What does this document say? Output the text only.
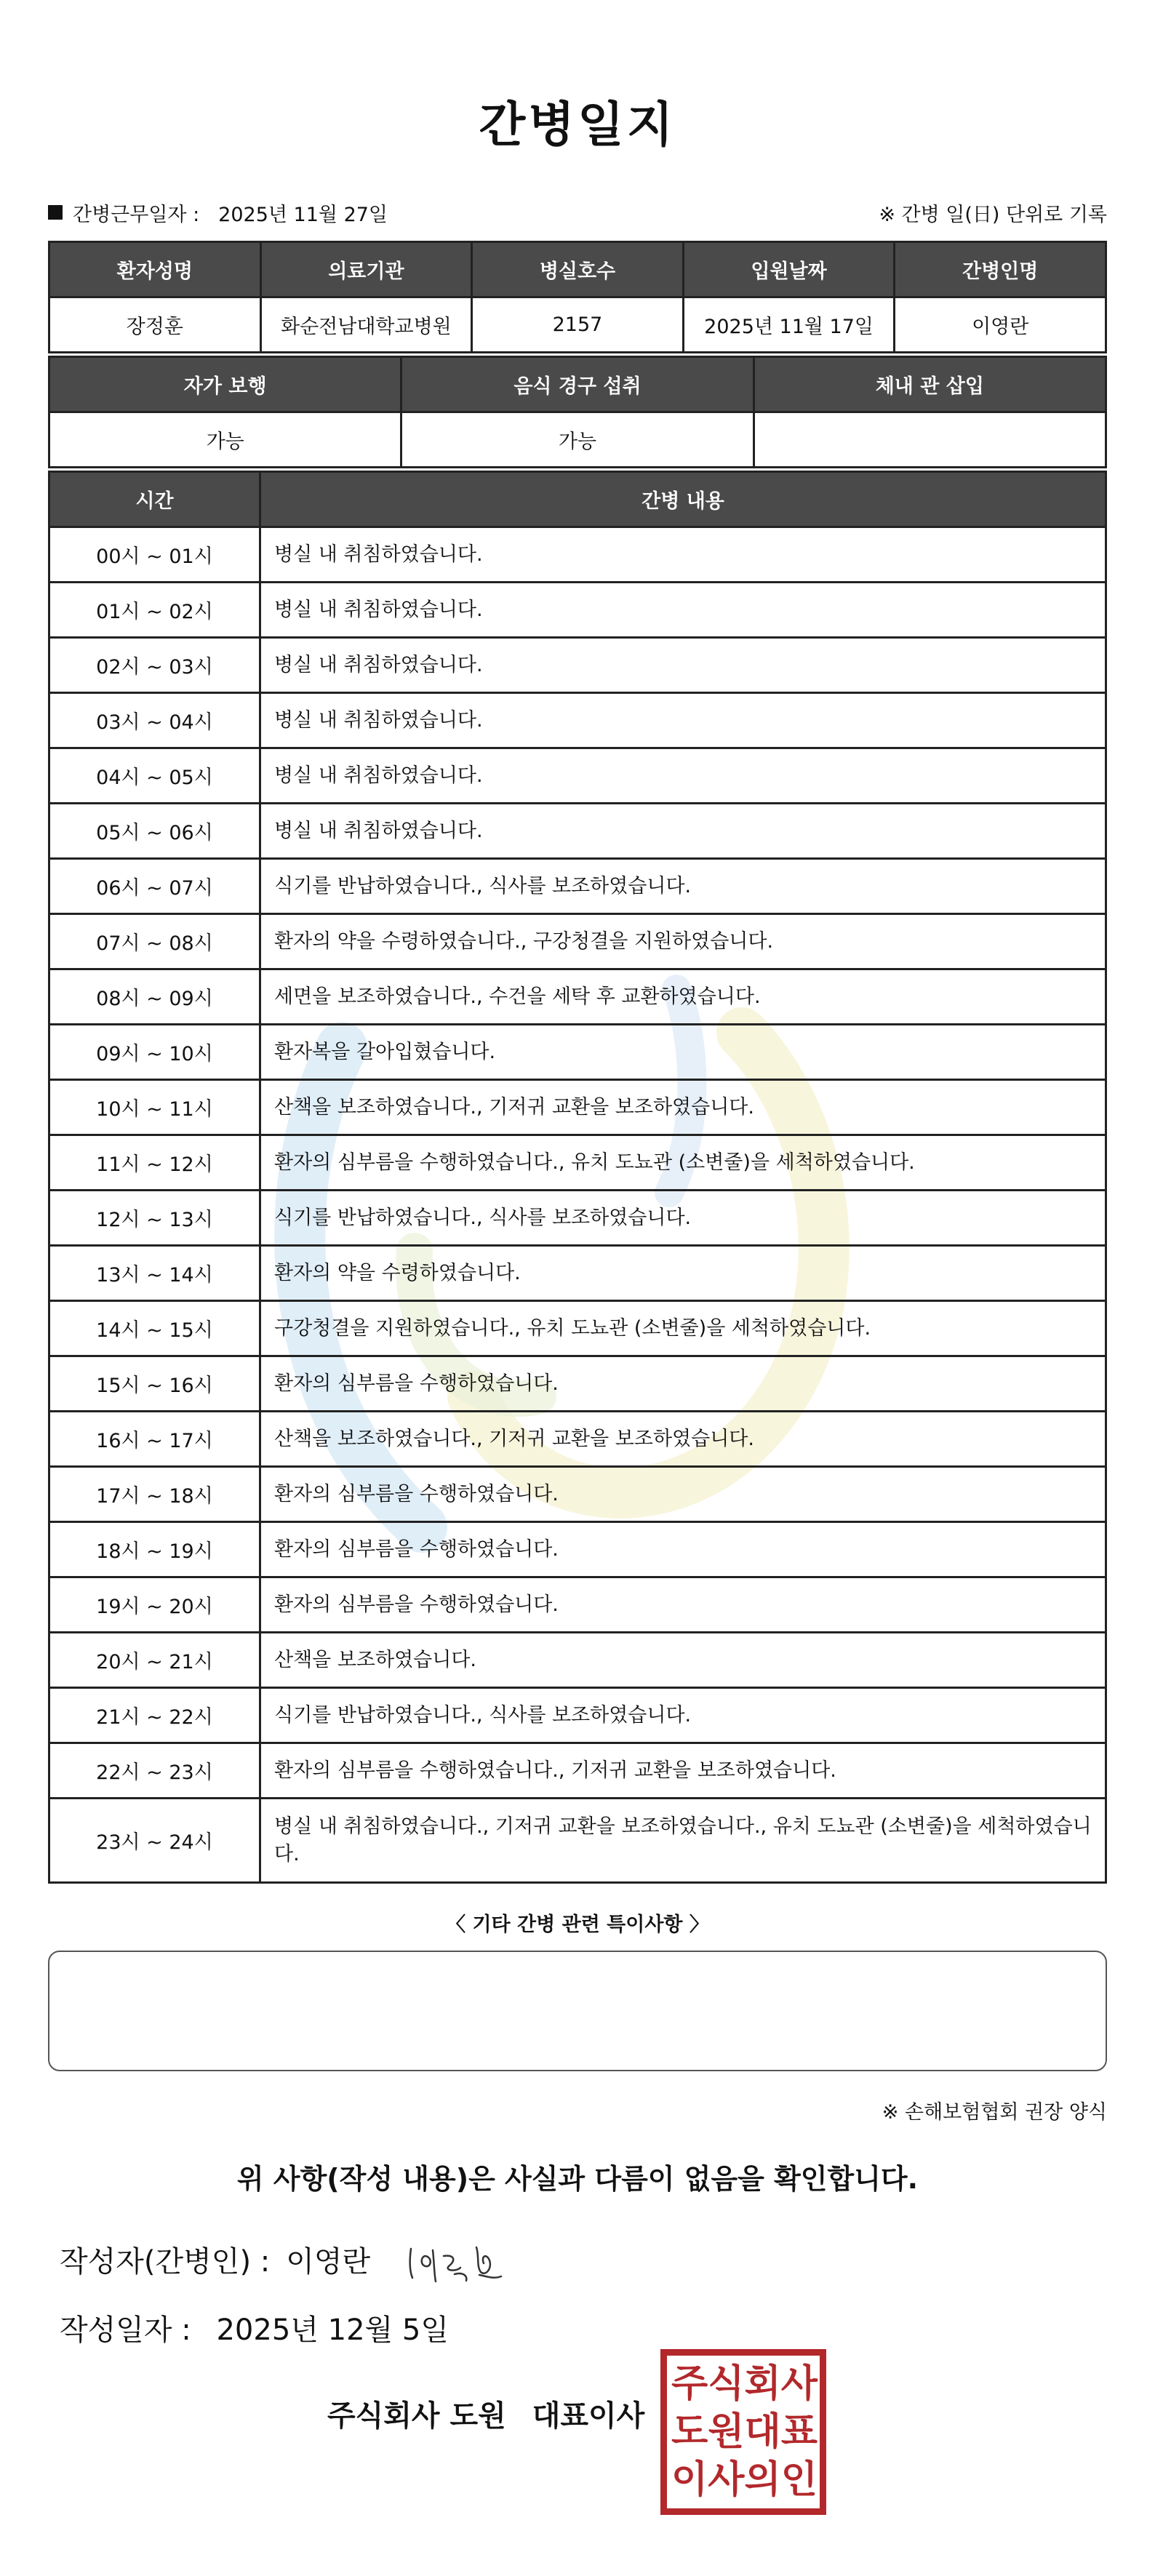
간병일지
간병근무일자 : 2025년 11월 27일	※ 간병 일(日) 단위로 기록
환자성명	의료기관	병실호수	입원날짜	간병인명
장정훈	화순전남대학교병원	2157	2025년 11월 17일	이영란
자가 보행	음식 경구 섭취	체내 관 삽입
가능	가능	
시간	간병 내용
00시 ~ 01시	병실 내 취침하였습니다.
01시 ~ 02시	병실 내 취침하였습니다.
02시 ~ 03시	병실 내 취침하였습니다.
03시 ~ 04시	병실 내 취침하였습니다.
04시 ~ 05시	병실 내 취침하였습니다.
05시 ~ 06시	병실 내 취침하였습니다.
06시 ~ 07시	식기를 반납하였습니다., 식사를 보조하였습니다.
07시 ~ 08시	환자의 약을 수령하였습니다., 구강청결을 지원하였습니다.
08시 ~ 09시	세면을 보조하였습니다., 수건을 세탁 후 교환하였습니다.
09시 ~ 10시	환자복을 갈아입혔습니다.
10시 ~ 11시	산책을 보조하였습니다., 기저귀 교환을 보조하였습니다.
11시 ~ 12시	환자의 심부름을 수행하였습니다., 유치 도뇨관 (소변줄)을 세척하였습니다.
12시 ~ 13시	식기를 반납하였습니다., 식사를 보조하였습니다.
13시 ~ 14시	환자의 약을 수령하였습니다.
14시 ~ 15시	구강청결을 지원하였습니다., 유치 도뇨관 (소변줄)을 세척하였습니다.
15시 ~ 16시	환자의 심부름을 수행하였습니다.
16시 ~ 17시	산책을 보조하였습니다., 기저귀 교환을 보조하였습니다.
17시 ~ 18시	환자의 심부름을 수행하였습니다.
18시 ~ 19시	환자의 심부름을 수행하였습니다.
19시 ~ 20시	환자의 심부름을 수행하였습니다.
20시 ~ 21시	산책을 보조하였습니다.
21시 ~ 22시	식기를 반납하였습니다., 식사를 보조하였습니다.
22시 ~ 23시	환자의 심부름을 수행하였습니다., 기저귀 교환을 보조하였습니다.
23시 ~ 24시	병실 내 취침하였습니다., 기저귀 교환을 보조하였습니다., 유치 도뇨관 (소변줄)을 세척하였습니다.
〈 기타 간병 관련 특이사항 〉
※ 손해보험협회 권장 양식
위 사항(작성 내용)은 사실과 다름이 없음을 확인합니다.
작성자(간병인) : 이영란
작성일자 : 2025년 12월 5일
주식회사 도원 대표이사
주 식 회 사
도 원 대 표
이 사 의 인
